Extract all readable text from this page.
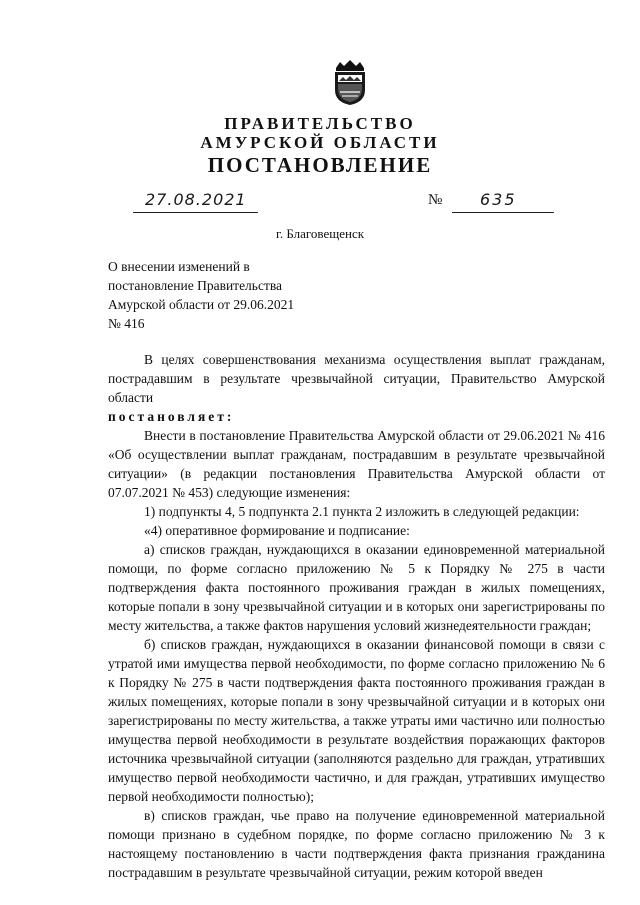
ПРАВИТЕЛЬСТВО
АМУРСКОЙ ОБЛАСТИ
ПОСТАНОВЛЕНИЕ
27.08.2021	№ 635
г. Благовещенск
О внесении изменений в
постановление Правительства
Амурской области от 29.06.2021
№ 416

В целях совершенствования механизма осуществления выплат гражданам, пострадавшим в результате чрезвычайной ситуации, Правительство Амурской области

постановляет:

Внести в постановление Правительства Амурской области от 29.06.2021 № 416 «Об осуществлении выплат гражданам, пострадавшим в результате чрезвычайной ситуации» (в редакции постановления Правительства Амурской области от 07.07.2021 № 453) следующие изменения:

1) подпункты 4, 5 подпункта 2.1 пункта 2 изложить в следующей редакции:

«4) оперативное формирование и подписание:

а) списков граждан, нуждающихся в оказании единовременной материальной помощи, по форме согласно приложению № 5 к Порядку № 275 в части подтверждения факта постоянного проживания граждан в жилых помещениях, которые попали в зону чрезвычайной ситуации и в которых они зарегистрированы по месту жительства, а также фактов нарушения условий жизнедеятельности граждан;

б) списков граждан, нуждающихся в оказании финансовой помощи в связи с утратой ими имущества первой необходимости, по форме согласно приложению № 6 к Порядку № 275 в части подтверждения факта постоянного проживания граждан в жилых помещениях, которые попали в зону чрезвычайной ситуации и в которых они зарегистрированы по месту жительства, а также утраты ими частично или полностью имущества первой необходимости в результате воздействия поражающих факторов источника чрезвычайной ситуации (заполняются раздельно для граждан, утративших имущество первой необходимости частично, и для граждан, утративших имущество первой необходимости полностью);

в) списков граждан, чье право на получение единовременной материальной помощи признано в судебном порядке, по форме согласно приложению № 3 к настоящему постановлению в части подтверждения факта признания гражданина пострадавшим в результате чрезвычайной ситуации, режим которой введен
